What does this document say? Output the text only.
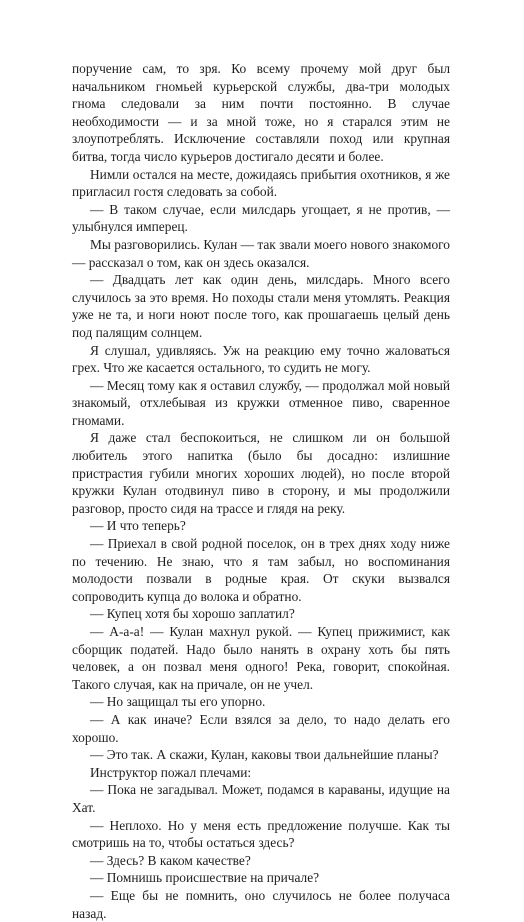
поручение сам, то зря. Ко всему прочему мой друг был начальником гномьей курьерской службы, два-три молодых гнома следовали за ним почти постоянно. В случае необходимости — и за мной тоже, но я старался этим не злоупотреблять. Исключение составляли поход или крупная битва, тогда число курьеров достигало десяти и более.

Нимли остался на месте, дожидаясь прибытия охотников, я же пригласил гостя следовать за собой.

— В таком случае, если милсдарь угощает, я не против, — улыбнулся имперец.

Мы разговорились. Кулан — так звали моего нового знакомого — рассказал о том, как он здесь оказался.

— Двадцать лет как один день, милсдарь. Много всего случилось за это время. Но походы стали меня утомлять. Реакция уже не та, и ноги ноют после того, как прошагаешь целый день под палящим солнцем.

Я слушал, удивляясь. Уж на реакцию ему точно жаловаться грех. Что же касается остального, то судить не могу.

— Месяц тому как я оставил службу, — продолжал мой новый знакомый, отхлебывая из кружки отменное пиво, сваренное гномами.

Я даже стал беспокоиться, не слишком ли он большой любитель этого напитка (было бы досадно: излишние пристрастия губили многих хороших людей), но после второй кружки Кулан отодвинул пиво в сторону, и мы продолжили разговор, просто сидя на трассе и глядя на реку.

— И что теперь?

— Приехал в свой родной поселок, он в трех днях ходу ниже по течению. Не знаю, что я там забыл, но воспоминания молодости позвали в родные края. От скуки вызвался сопроводить купца до волока и обратно.

— Купец хотя бы хорошо заплатил?

— А-а-а! — Кулан махнул рукой. — Купец прижимист, как сборщик податей. Надо было нанять в охрану хоть бы пять человек, а он позвал меня одного! Река, говорит, спокойная. Такого случая, как на причале, он не учел.

— Но защищал ты его упорно.

— А как иначе? Если взялся за дело, то надо делать его хорошо.

— Это так. А скажи, Кулан, каковы твои дальнейшие планы?

Инструктор пожал плечами:

— Пока не загадывал. Может, подамся в караваны, идущие на Хат.

— Неплохо. Но у меня есть предложение получше. Как ты смотришь на то, чтобы остаться здесь?

— Здесь? В каком качестве?

— Помнишь происшествие на причале?

— Еще бы не помнить, оно случилось не более получаса назад.
